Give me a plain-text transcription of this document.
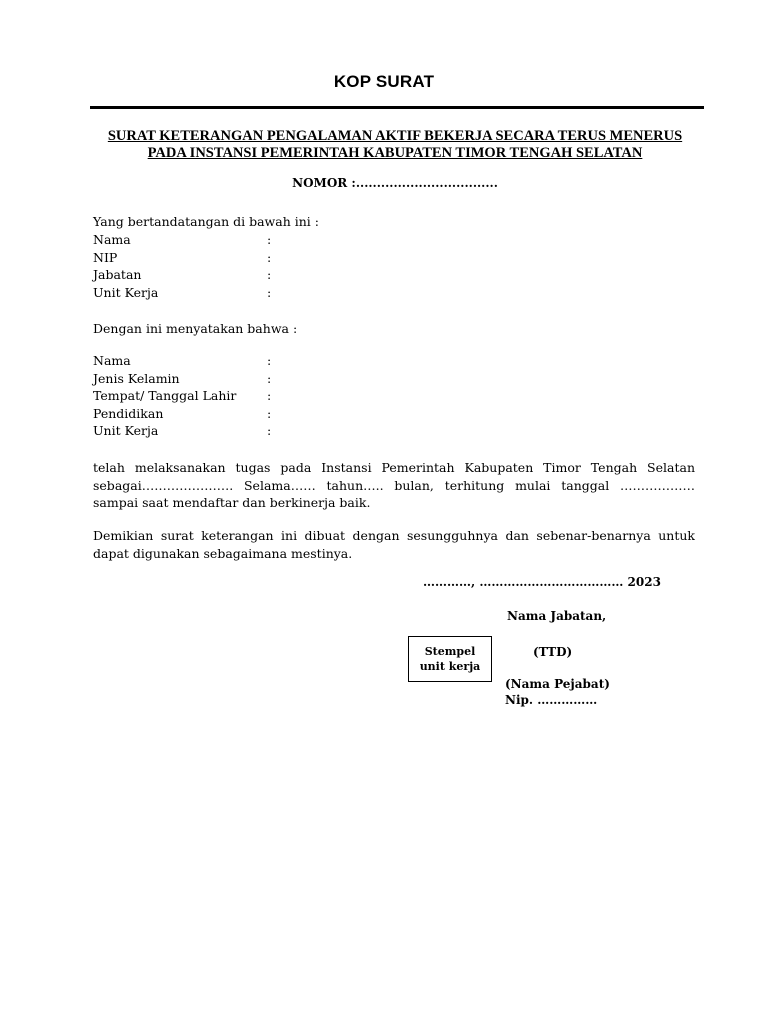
KOP SURAT
SURAT KETERANGAN PENGALAMAN AKTIF BEKERJA SECARA TERUS MENERUS
PADA INSTANSI PEMERINTAH KABUPATEN TIMOR TENGAH SELATAN
NOMOR :..................................
Yang bertandatangan di bawah ini :
Nama	:
NIP	:
Jabatan	:
Unit Kerja	:
Dengan ini menyatakan bahwa :
Nama	:
Jenis Kelamin	:
Tempat/ Tanggal Lahir	:
Pendidikan	:
Unit Kerja	:
telah melaksanakan tugas pada Instansi Pemerintah Kabupaten Timor Tengah Selatan sebagai…………………. Selama…… tahun….. bulan, terhitung mulai tanggal ……………… sampai saat mendaftar dan berkinerja baik.
Demikian surat keterangan ini dibuat dengan sesungguhnya dan sebenar-benarnya untuk dapat digunakan sebagaimana mestinya.
…………, ……………………………… 2023
Nama Jabatan,
Stempel
unit kerja
(TTD)
(Nama Pejabat)
Nip. ……………
